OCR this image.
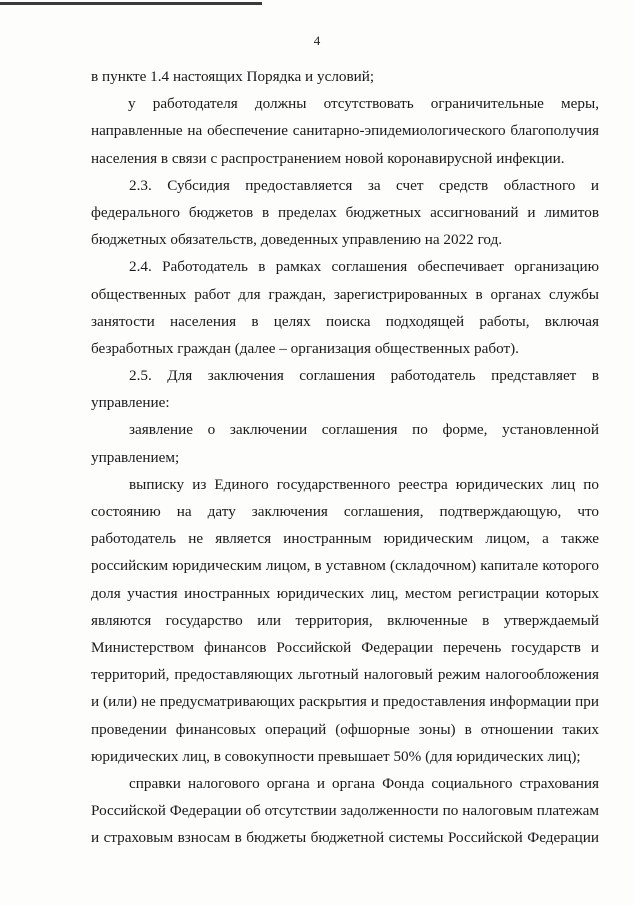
4
в пункте 1.4 настоящих Порядка и условий;
у работодателя должны отсутствовать ограничительные меры,
направленные на обеспечение санитарно-эпидемиологического благополучия
населения в связи с распространением новой коронавирусной инфекции.
2.3. Субсидия предоставляется за счет средств областного и
федерального бюджетов в пределах бюджетных ассигнований и лимитов
бюджетных обязательств, доведенных управлению на 2022 год.
2.4. Работодатель в рамках соглашения обеспечивает организацию
общественных работ для граждан, зарегистрированных в органах службы
занятости населения в целях поиска подходящей работы, включая
безработных граждан (далее – организация общественных работ).
2.5. Для заключения соглашения работодатель представляет в
управление:
заявление о заключении соглашения по форме, установленной
управлением;
выписку из Единого государственного реестра юридических лиц по
состоянию на дату заключения соглашения, подтверждающую, что
работодатель не является иностранным юридическим лицом, а также
российским юридическим лицом, в уставном (складочном) капитале которого
доля участия иностранных юридических лиц, местом регистрации которых
являются государство или территория, включенные в утверждаемый
Министерством финансов Российской Федерации перечень государств и
территорий, предоставляющих льготный налоговый режим налогообложения
и (или) не предусматривающих раскрытия и предоставления информации при
проведении финансовых операций (офшорные зоны) в отношении таких
юридических лиц, в совокупности превышает 50% (для юридических лиц);
справки налогового органа и органа Фонда социального страхования
Российской Федерации об отсутствии задолженности по налоговым платежам
и страховым взносам в бюджеты бюджетной системы Российской Федерации
